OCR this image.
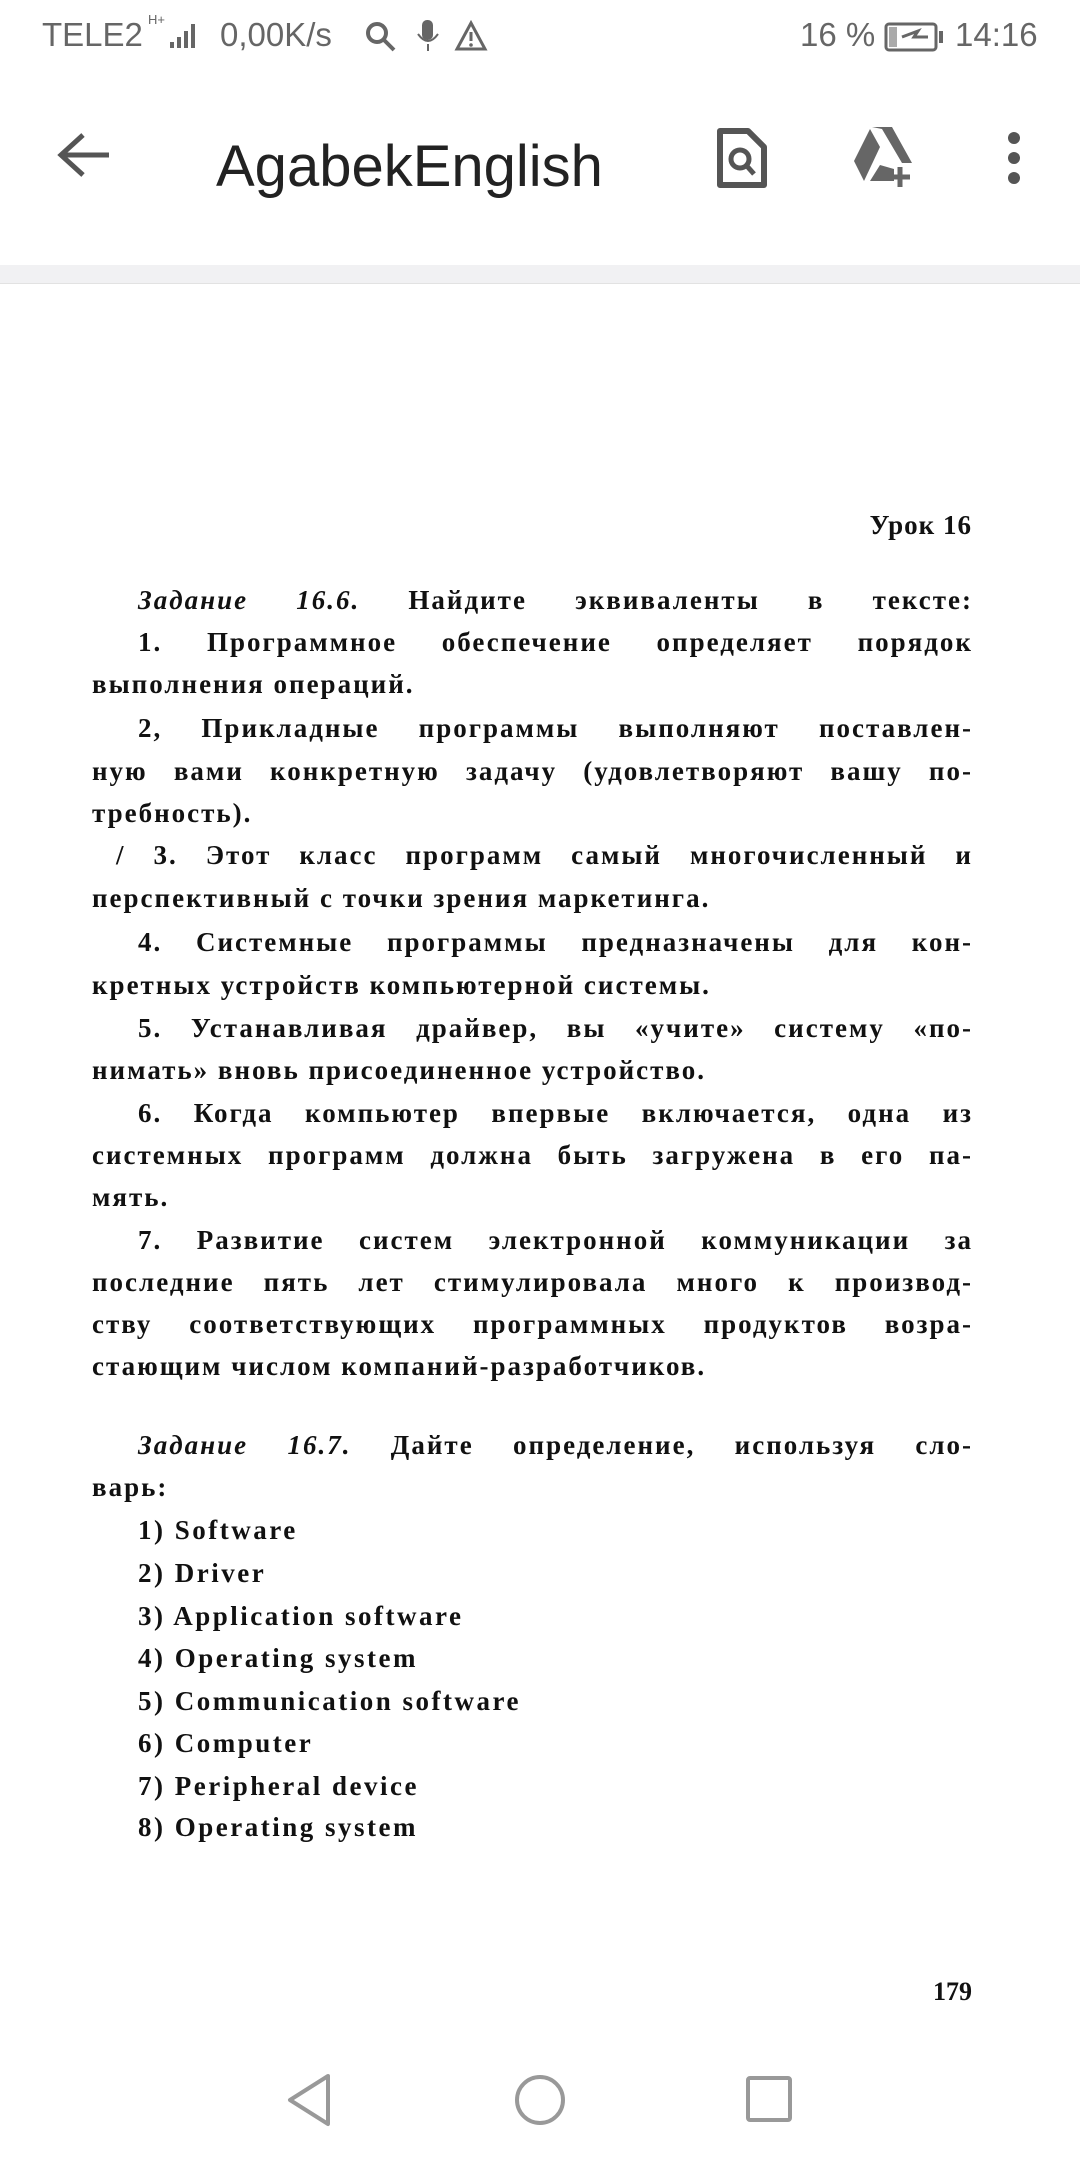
TELE2 H+ 0,00K/s	16 % 14:16
AgabekEnglish
Урок 16
Задание 16.6. Найдите эквиваленты в тексте:
1. Программное обеспечение определяет порядок
выполнения операций.
2, Прикладные программы выполняют поставлен-
ную вами конкретную задачу (удовлетворяют вашу по-
требность).
/ 3. Этот класс программ самый многочисленный и
перспективный с точки зрения маркетинга.
4. Системные программы предназначены для кон-
кретных устройств компьютерной системы.
5. Устанавливая драйвер, вы «учите» систему «по-
нимать» вновь присоединенное устройство.
6. Когда компьютер впервые включается, одна из
системных программ должна быть загружена в его па-
мять.
7. Развитие систем электронной коммуникации за
последние пять лет стимулировала много к производ-
ству соответствующих программных продуктов возра-
стающим числом компаний-разработчиков.
Задание 16.7. Дайте определение, используя сло-
варь:
1) Software
2) Driver
3) Application software
4) Operating system
5) Communication software
6) Computer
7) Peripheral device
8) Operating system
179
